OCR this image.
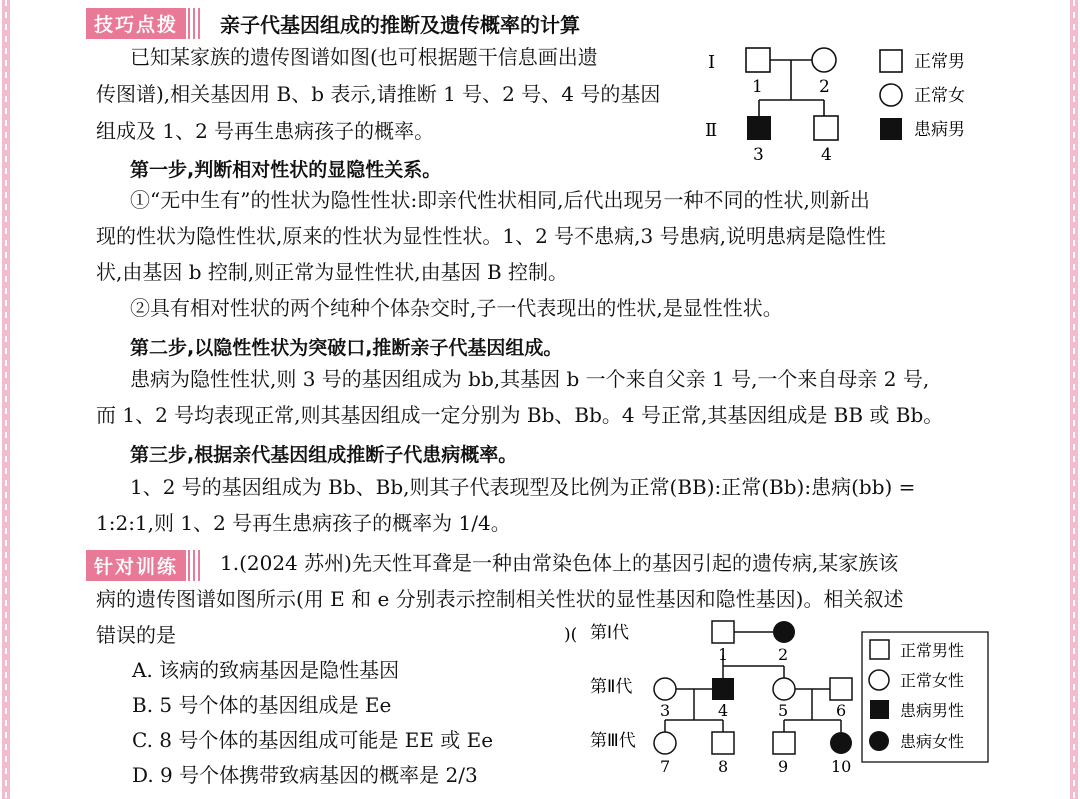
技巧点拨	亲子代基因组成的推断及遗传概率的计算
已知某家族的遗传图谱如图(也可根据题干信息画出遗
传图谱),相关基因用 B、b 表示,请推断 1 号、2 号、4 号的基因
组成及 1、2 号再生患病孩子的概率。
第一步,判断相对性状的显隐性关系。
①“无中生有”的性状为隐性性状:即亲代性状相同,后代出现另一种不同的性状,则新出
现的性状为隐性性状,原来的性状为显性性状。1、2 号不患病,3 号患病,说明患病是隐性性
状,由基因 b 控制,则正常为显性性状,由基因 B 控制。
②具有相对性状的两个纯种个体杂交时,子一代表现出的性状,是显性性状。
第二步,以隐性性状为突破口,推断亲子代基因组成。
患病为隐性性状,则 3 号的基因组成为 bb,其基因 b 一个来自父亲 1 号,一个来自母亲 2 号,
而 1、2 号均表现正常,则其基因组成一定分别为 Bb、Bb。4 号正常,其基因组成是 BB 或 Bb。
第三步,根据亲代基因组成推断子代患病概率。
1、2 号的基因组成为 Bb、Bb,则其子代表现型及比例为正常(BB):正常(Bb):患病(bb) =
1:2:1,则 1、2 号再生患病孩子的概率为 1/4。
I
Ⅱ
1	2
3	4
正常男
正常女
患病男
针对训练	1.(2024 苏州)先天性耳聋是一种由常染色体上的基因引起的遗传病,某家族该
病的遗传图谱如图所示(用 E 和 e 分别表示控制相关性状的显性基因和隐性基因)。相关叙述
错误的是
A. 该病的致病基因是隐性基因
B. 5 号个体的基因组成是 Ee
C. 8 号个体的基因组成可能是 EE 或 Ee
D. 9 号个体携带致病基因的概率是 2/3
)( 第Ⅰ代
第Ⅱ代
第Ⅲ代
1	2
3	4	5	6
7	8	9	10
正常男性
正常女性
患病男性
患病女性
